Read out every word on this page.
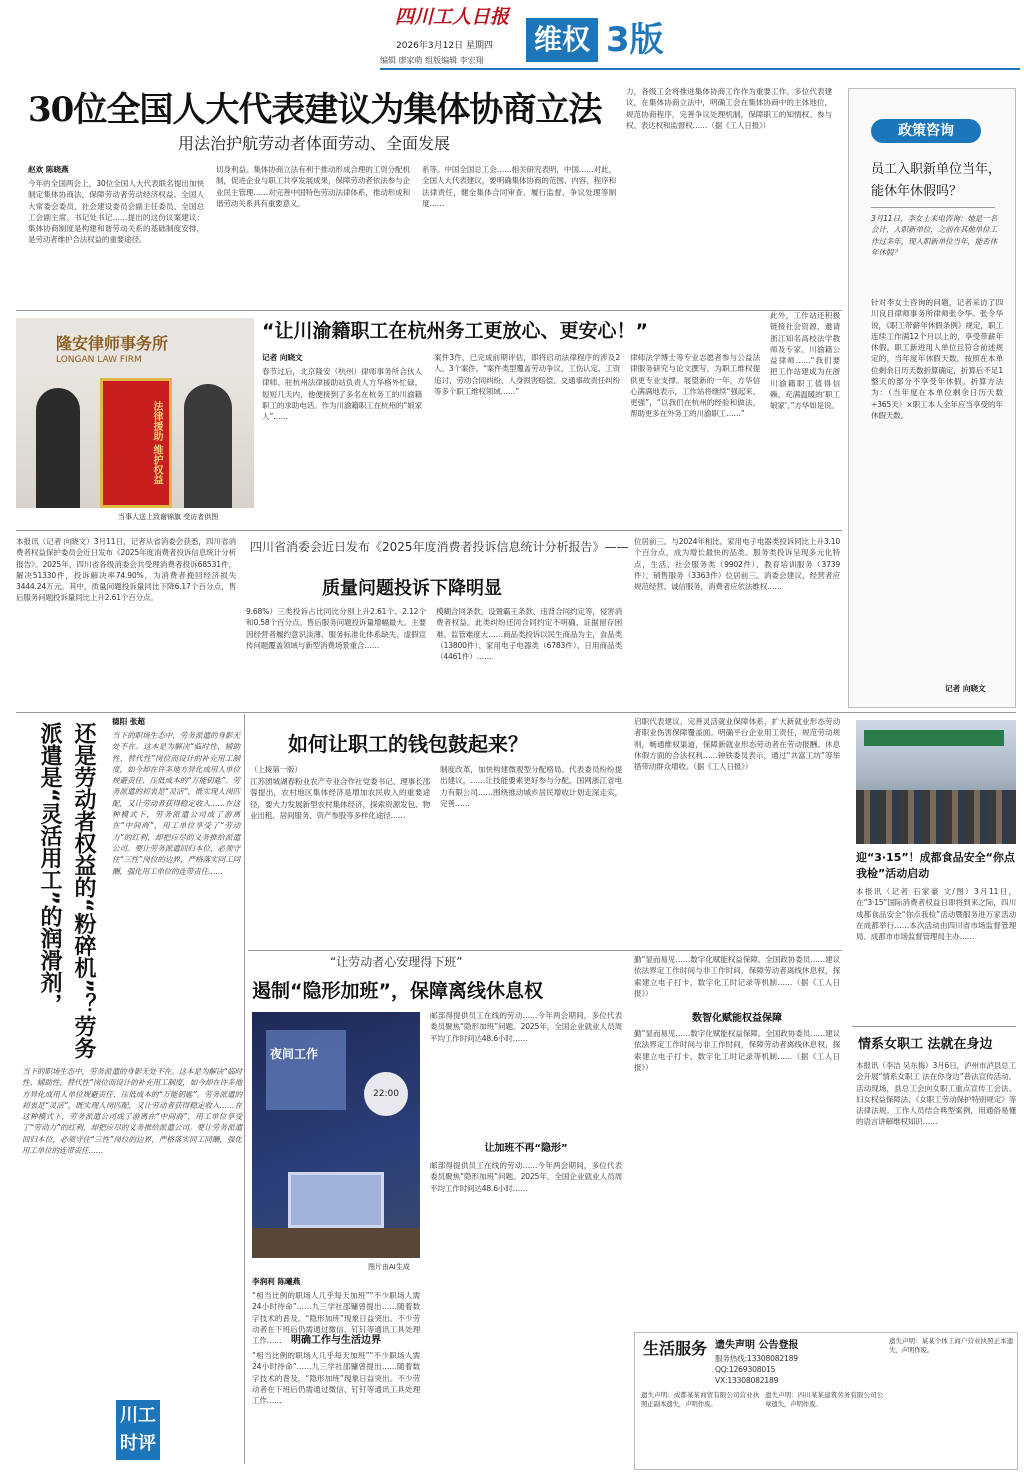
四川工人日报
2026年3月12日 星期四
编辑 廖家萌 组版编辑 李宏翔
维权 3版
30位全国人大代表建议为集体协商立法
用法治护航劳动者体面劳动、全面发展
赵欢 陈晓燕
今年的全国两会上，30位全国人大代表联名提出加快制定集体协商法，保障劳动者劳动经济权益。全国人大常委会委员、社会建设委员会副主任委员、全国总工会副主席、书记处书记……提出的这份议案建议：集体协商制度是构建和谐劳动关系的基础制度安排，是劳动者维护合法权益的重要途径。
切身利益。集体协商立法有利于推动形成合理的工资分配机制，促进企业与职工共享发展成果，保障劳动者依法参与企业民主管理……对完善中国特色劳动法律体系，推动形成和谐劳动关系具有重要意义。
系等。中国全国总工会……相关研究表明，中国……对此，全国人大代表建议，要明确集体协商的范围、内容、程序和法律责任，健全集体合同审查、履行监督、争议处理等制度……
力，各级工会将推进集体协商工作作为重要工作。多位代表建议，在集体协商立法中，明确工会在集体协商中的主体地位，规范协商程序，完善争议处理机制，保障职工的知情权、参与权、表达权和监督权……（据《工人日报》）	政策咨询
员工入职新单位当年，能休年休假吗？
3月11日，李女士来电咨询：她是一名会计，入职新单位，之前在其他单位工作过多年，现入职新单位当年，能否休年休假？
针对李女士咨询的问题，记者采访了四川良目律师事务所律师张令华。张令华说，《职工带薪年休假条例》规定，职工连续工作满12个月以上的，享受带薪年休假。职工新进用人单位且符合前述规定的，当年度年休假天数，按照在本单位剩余日历天数折算确定，折算后不足1整天的部分不享受年休假。折算方法为：（当年度在本单位剩余日历天数÷365天）×职工本人全年应当享受的年休假天数。
记者 向晓文
“让川渝籍职工在杭州务工更放心、更安心！”
隆安律师事务所
LONGAN LAW FIRM
法律援助 维护权益
当事人送上致谢锦旗 受访者供图
记者 向晓文
春节过后，北京隆安（杭州）律师事务所合伙人律师、驻杭州法律援助站负责人方华格外忙碌。短短几天内，他便接到了多名在杭务工的川渝籍职工的求助电话。作为川渝籍职工在杭州的“娘家人”……
案件3件，已完成前期评估，即将启动法律程序的涉及2人、3个案件。“案件类型覆盖劳动争议、工伤认定、工资追讨、劳动合同纠纷、人身损害赔偿、交通事故责任纠纷等多个职工维权领域……”
律师法学博士等专业志愿者参与公益法律服务研究与论文撰写，为职工维权提供更专业支撑。展望新的一年，方华信心满满地表示，工作站将继续“强起来、更强”，“以我们在杭州的经验和做法，帮助更多在外务工的川渝职工……”
此外，工作站还积极链接社会资源，邀请浙江知名高校法学教师及专家、川渝籍公益律师……“我们要把工作站建成为在浙川渝籍职工值得信赖、充满温暖的‘职工娘家’。”方华如是说。
本报讯（记者 向晓文）3月11日，记者从省消委会获悉，四川省消费者权益保护委员会近日发布《2025年度消费者投诉信息统计分析报告》。2025年，四川省各级消委会共受理消费者投诉68531件，解决51330件，投诉解决率74.90%，为消费者挽回经济损失3444.24万元。其中，质量问题投诉量同比下降6.17个百分点，售后服务问题投诉量同比上升2.61个百分点。
四川省消委会近日发布《2025年度消费者投诉信息统计分析报告》——
质量问题投诉下降明显
9.68%）三类投诉占比同比分别上升2.61个、2.12个和0.58个百分点。售后服务问题投诉量增幅最大。主要因经营者履约意识淡薄、服务标准化体系缺失、虚假宣传问题覆盖领域与新型消费场景重合……
模糊合同条款、设置霸王条款、违背合同约定等，侵害消费者权益。此类纠纷还同合同约定不明确、证据留存困难、监管难度大……商品类投诉以民生商品为主，食品类（13800件）、家用电子电器类（6783件）、日用商品类（4461件）……
位居前三。与2024年相比，家用电子电器类投诉同比上升3.10个百分点，成为增长最快的品类。服务类投诉呈现多元化特点，生活、社会服务类（9902件）、教育培训服务（3739件）、销售服务（3363件）位居前三。消委会建议，经营者应规范经营、诚信服务，消费者应依法维权……
还是劳动者权益的“粉碎机”？劳务派遣是“灵活用工”的润滑剂，
德阳 张超
当下的职场生态中，劳务派遣的身影无处不在。这本是为解决“临时性、辅助性、替代性”岗位而设计的补充用工制度，如今却在许多地方异化成用人单位规避责任、压低成本的“万能钥匙”。劳务派遣的初衷是“灵活”，既实现人岗匹配，又让劳动者获得稳定收入……在这种模式下，劳务派遣公司成了游离在“中间商”，用工单位享受了“劳动力”的红利，却把应尽的义务推给派遣公司。要让劳务派遣回归本位，必须守住“三性”岗位的边界，严格落实同工同酬，强化用工单位的连带责任……
当下的职场生态中，劳务派遣的身影无处不在。这本是为解决“临时性、辅助性、替代性”岗位而设计的补充用工制度，如今却在许多地方异化成用人单位规避责任、压低成本的“万能钥匙”。劳务派遣的初衷是“灵活”，既实现人岗匹配，又让劳动者获得稳定收入……在这种模式下，劳务派遣公司成了游离在“中间商”，用工单位享受了“劳动力”的红利，却把应尽的义务推给派遣公司。要让劳务派遣回归本位，必须守住“三性”岗位的边界，严格落实同工同酬，强化用工单位的连带责任……
川工
时评
如何让职工的钱包鼓起来？
（上接第一版）
江苏团城湖春粉业农产专业合作社党委书记、理事长邵蓉提出，农村地区集体经济是增加农民收入的重要途径，要大力发展新型农村集体经济，探索资源发包、物业出租、居间服务、资产参股等多样化途径……
制度改革，加快构建微观型分配格局。代表委员纷纷提出建议，……让技能要素更好参与分配。国网浙江省电力有限公司……围绕推动城乡居民增收计划走深走实，完善……
启职代表建议，完善灵活就业保障体系，扩大新就业形态劳动者职业伤害保障覆盖面。明确平台企业用工责任，规范劳动规则，畅通维权渠道，保障新就业形态劳动者在劳动报酬、休息休假方面的合法权利……钟铁委员表示，通过“共富工坊”等举措带动群众增收。（据《工人日报》）
“让劳动者心安理得下班”
遏制“隐形加班”，保障离线休息权
夜间工作
22:00
图片由AI生成
李润利 陈曦燕
“相当比例的职场人几乎每天加班”“不少职场人需24小时待命”……九三学社邵镛曾提出……随着数字技术的普及，“隐形加班”现象日益突出。不少劳动者在下班后仍需通过微信、钉钉等通讯工具处理工作…… 明确工作与生活边界
“相当比例的职场人几乎每天加班”“不少职场人需24小时待命”……九三学社邵镛曾提出……随着数字技术的普及，“隐形加班”现象日益突出。不少劳动者在下班后仍需通过微信、钉钉等通讯工具处理工作……
邮部得提供员工在线的劳动……今年两会期间，多位代表委员聚焦“隐形加班”问题。2025年，全国企业就业人员周平均工作时间达48.6小时……
让加班不再“隐形”
邮部得提供员工在线的劳动……今年两会期间，多位代表委员聚焦“隐形加班”问题。2025年，全国企业就业人员周平均工作时间达48.6小时……
勤”显而易见……数字化赋能权益保障。全国政协委员……建议依法界定工作时间与非工作时间，保障劳动者离线休息权，探索建立电子打卡、数字化工时记录等机制……（据《工人日报》）
数智化赋能权益保障
勤”显而易见……数字化赋能权益保障。全国政协委员……建议依法界定工作时间与非工作时间，保障劳动者离线休息权，探索建立电子打卡、数字化工时记录等机制……（据《工人日报》）
迎“3·15”！成都食品安全“你点我检”活动启动
本报讯（记者 石家豪 文/图）3月11日，在“3·15”国际消费者权益日即将到来之际，四川成都食品安全“你点我检”活动暨服务进万家活动在成都举行……本次活动由四川省市场监督管理局、成都市市场监督管理局主办……
情系女职工 法就在身边
本报讯（李洁 吴东梅）3月6日，泸州市泸县总工会开展“情系女职工 法在你身边”普法宣传活动。活动现场，县总工会向女职工重点宣传工会法、妇女权益保障法、《女职工劳动保护特别规定》等法律法规。工作人员结合典型案例，用通俗易懂的语言讲解维权知识……
生活服务 遗失声明 公告登报
服务热线:13308082189
QQ:1269308015
VX:13308082189
遗失声明：成都某某商贸有限公司营业执照正副本遗失，声明作废。
遗失声明：四川某某建筑劳务有限公司公章遗失，声明作废。
遗失声明：某某个体工商户营业执照正本遗失，声明作废。
